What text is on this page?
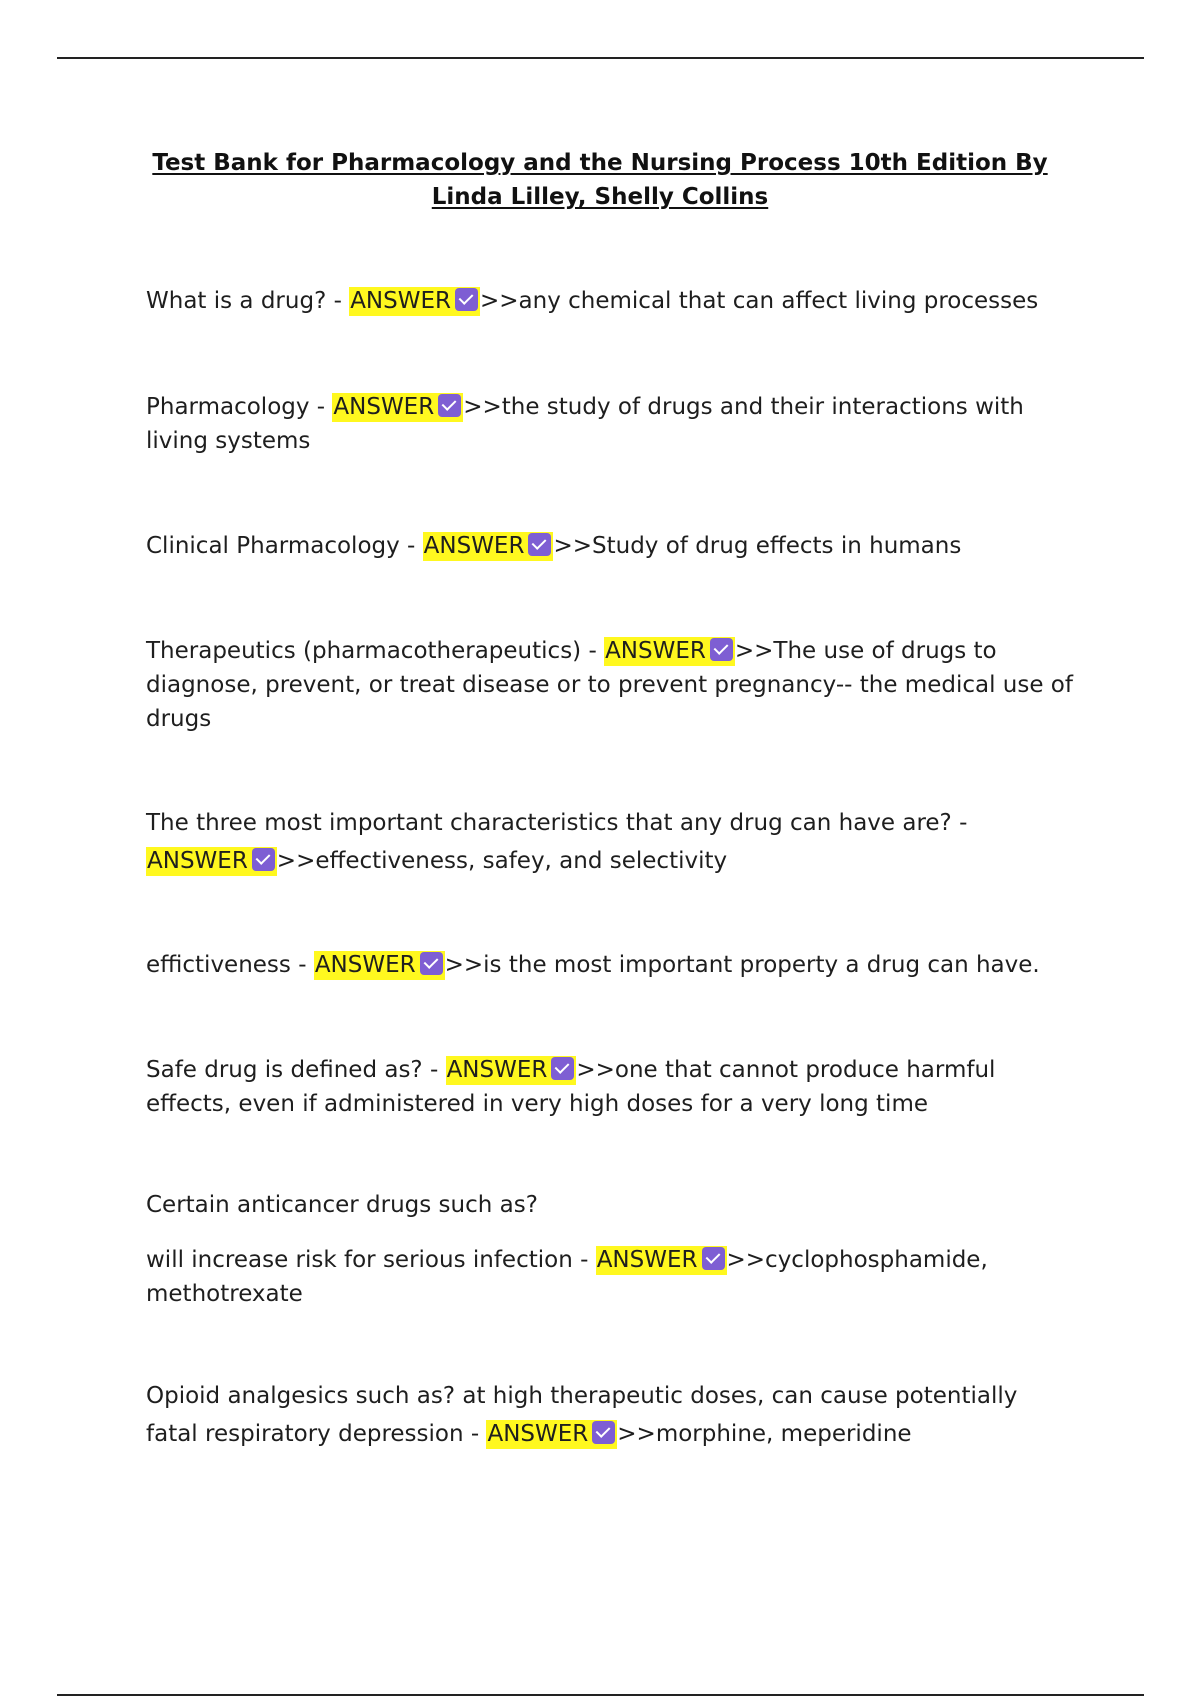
Test Bank for Pharmacology and the Nursing Process 10th Edition By Linda Lilley, Shelly Collins

What is a drug? - ANSWER >>any chemical that can affect living processes

Pharmacology - ANSWER >>the study of drugs and their interactions with living systems

Clinical Pharmacology - ANSWER >>Study of drug effects in humans

Therapeutics (pharmacotherapeutics) - ANSWER >>The use of drugs to diagnose, prevent, or treat disease or to prevent pregnancy-- the medical use of drugs

The three most important characteristics that any drug can have are? - ANSWER >>effectiveness, safey, and selectivity

effictiveness - ANSWER >>is the most important property a drug can have.

Safe drug is defined as? - ANSWER >>one that cannot produce harmful effects, even if administered in very high doses for a very long time

Certain anticancer drugs such as?

will increase risk for serious infection - ANSWER >>cyclophosphamide, methotrexate

Opioid analgesics such as? at high therapeutic doses, can cause potentially fatal respiratory depression - ANSWER >>morphine, meperidine
